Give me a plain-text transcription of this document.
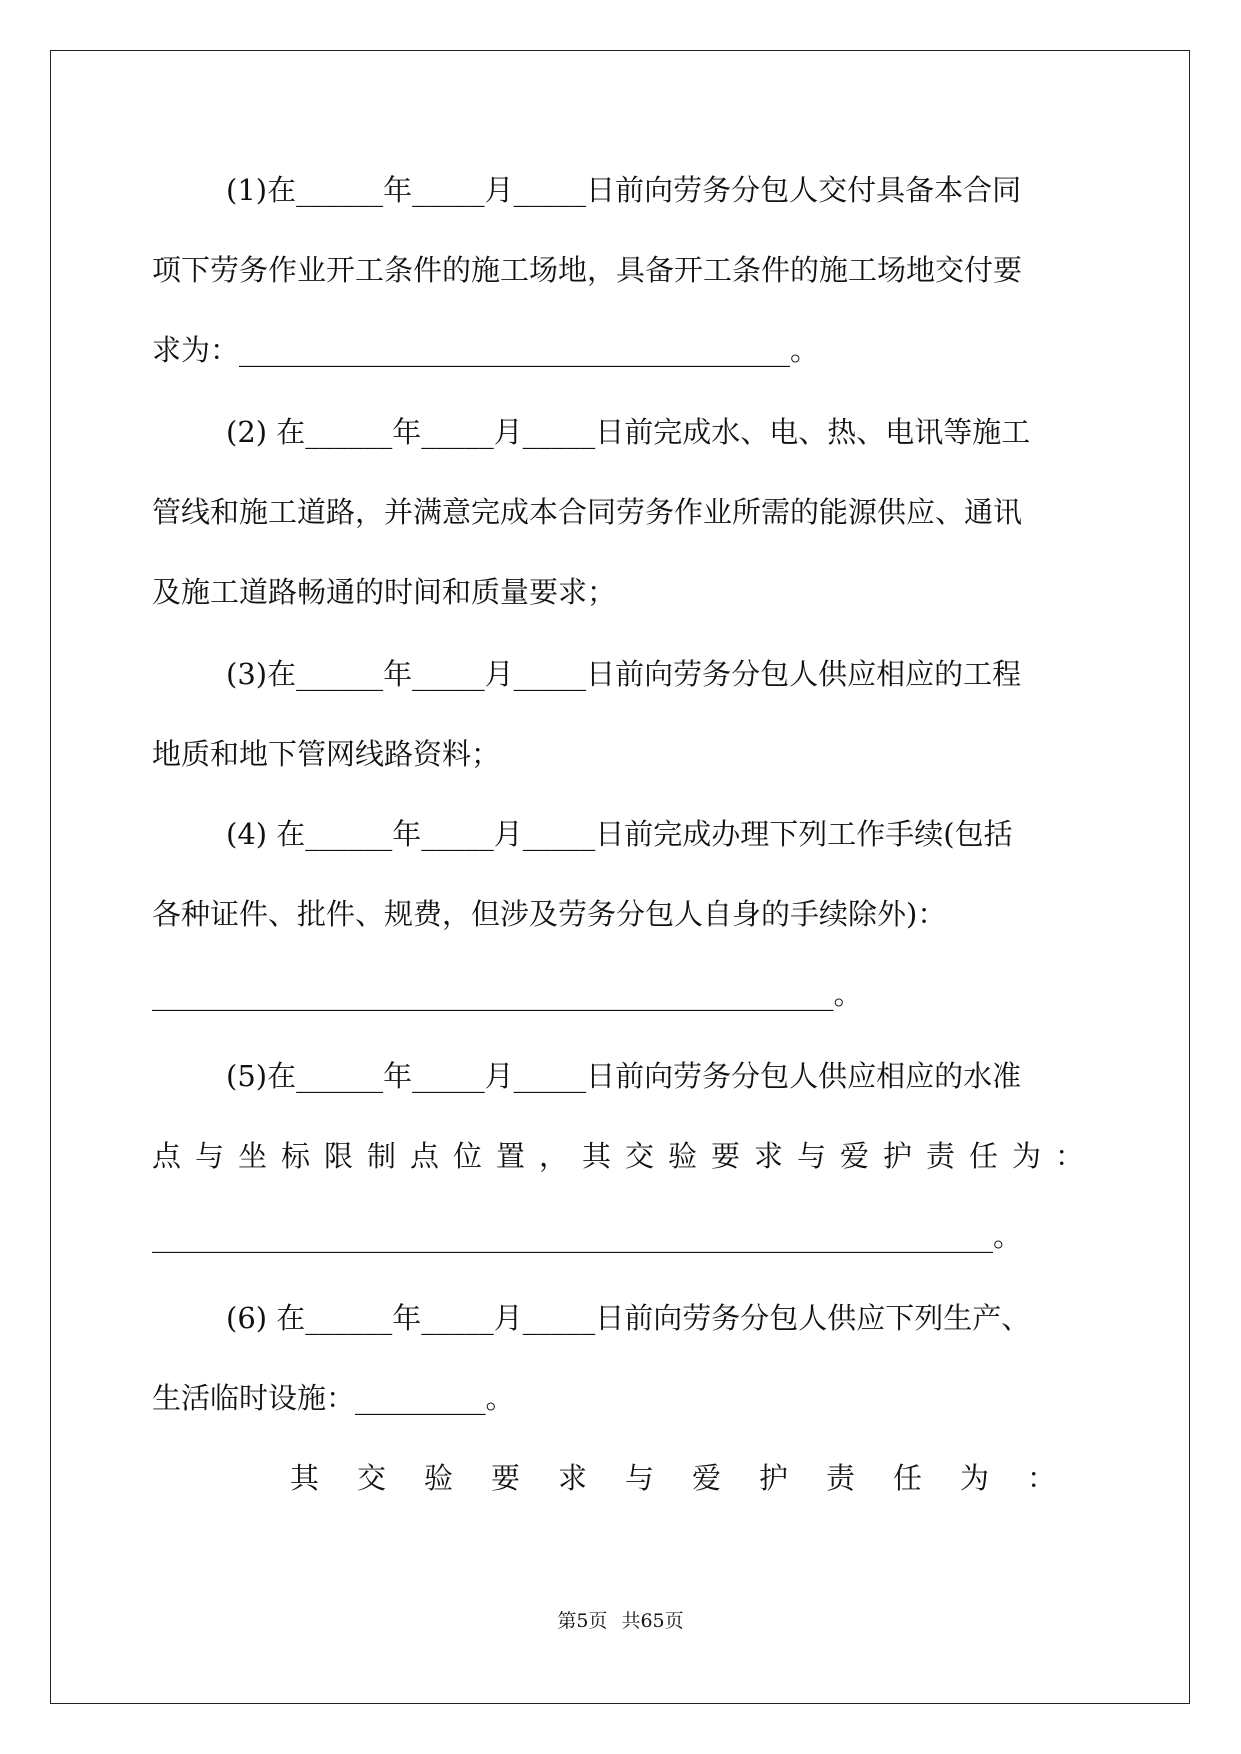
(1)在______年_____月_____日前向劳务分包人交付具备本合同

项下劳务作业开工条件的施工场地，具备开工条件的施工场地交付要

求为：______________________________________。

(2) 在______年_____月_____日前完成水、电、热、电讯等施工

管线和施工道路，并满意完成本合同劳务作业所需的能源供应、通讯

及施工道路畅通的时间和质量要求；

(3)在______年_____月_____日前向劳务分包人供应相应的工程

地质和地下管网线路资料；

(4) 在______年_____月_____日前完成办理下列工作手续(包括

各种证件、批件、规费，但涉及劳务分包人自身的手续除外)：

_______________________________________________。

(5)在______年_____月_____日前向劳务分包人供应相应的水准

点与坐标限制点位置，其交验要求与爱护责任为：

__________________________________________________________。

(6) 在______年_____月_____日前向劳务分包人供应下列生产、

生活临时设施：_________。

其交验要求与爱护责任为：

第5页 共65页
